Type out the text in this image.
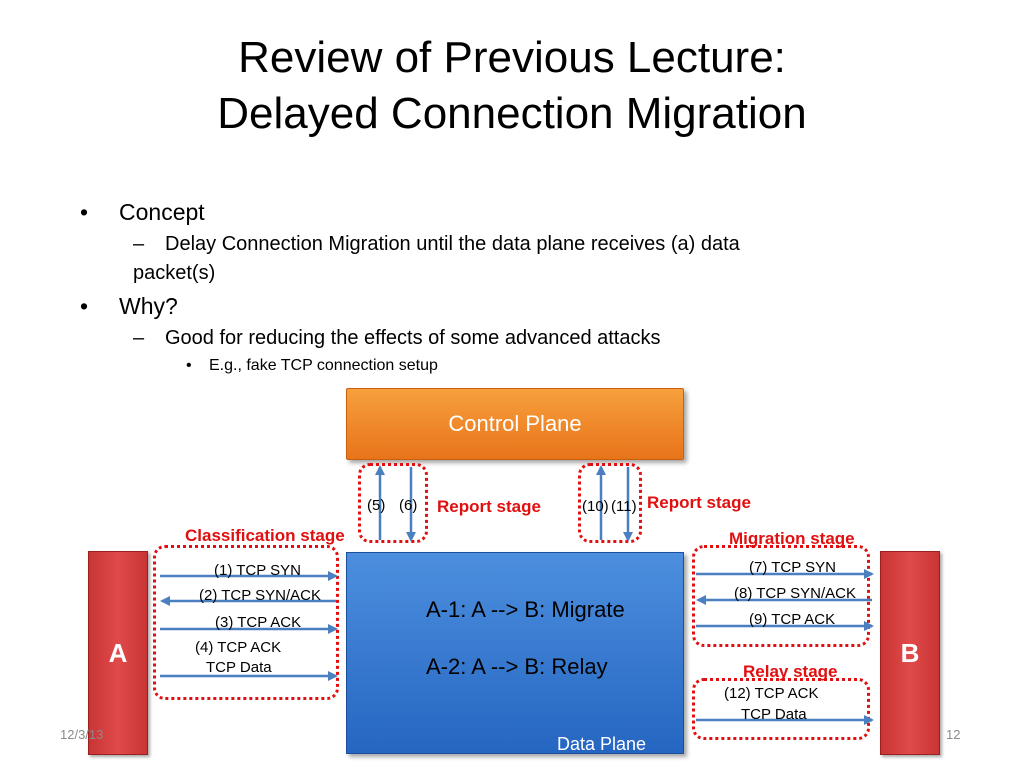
Review of Previous Lecture:
Delayed Connection Migration
• Concept
– Delay Connection Migration until the data plane receives (a) data
packet(s)
• Why?
– Good for reducing the effects of some advanced attacks
• E.g., fake TCP connection setup
Control Plane
A	B
(5) (6)	(10) (11)
(1) TCP SYN
(2) TCP SYN/ACK
(3) TCP ACK
(4) TCP ACK
TCP Data
(7) TCP SYN
(8) TCP SYN/ACK
(9) TCP ACK
(12) TCP ACK
TCP Data
Report stage	Report stage
Classification stage	Migration stage
Relay stage
A-1: A --> B: Migrate
A-2: A --> B: Relay
Data Plane
12/3/13	12
